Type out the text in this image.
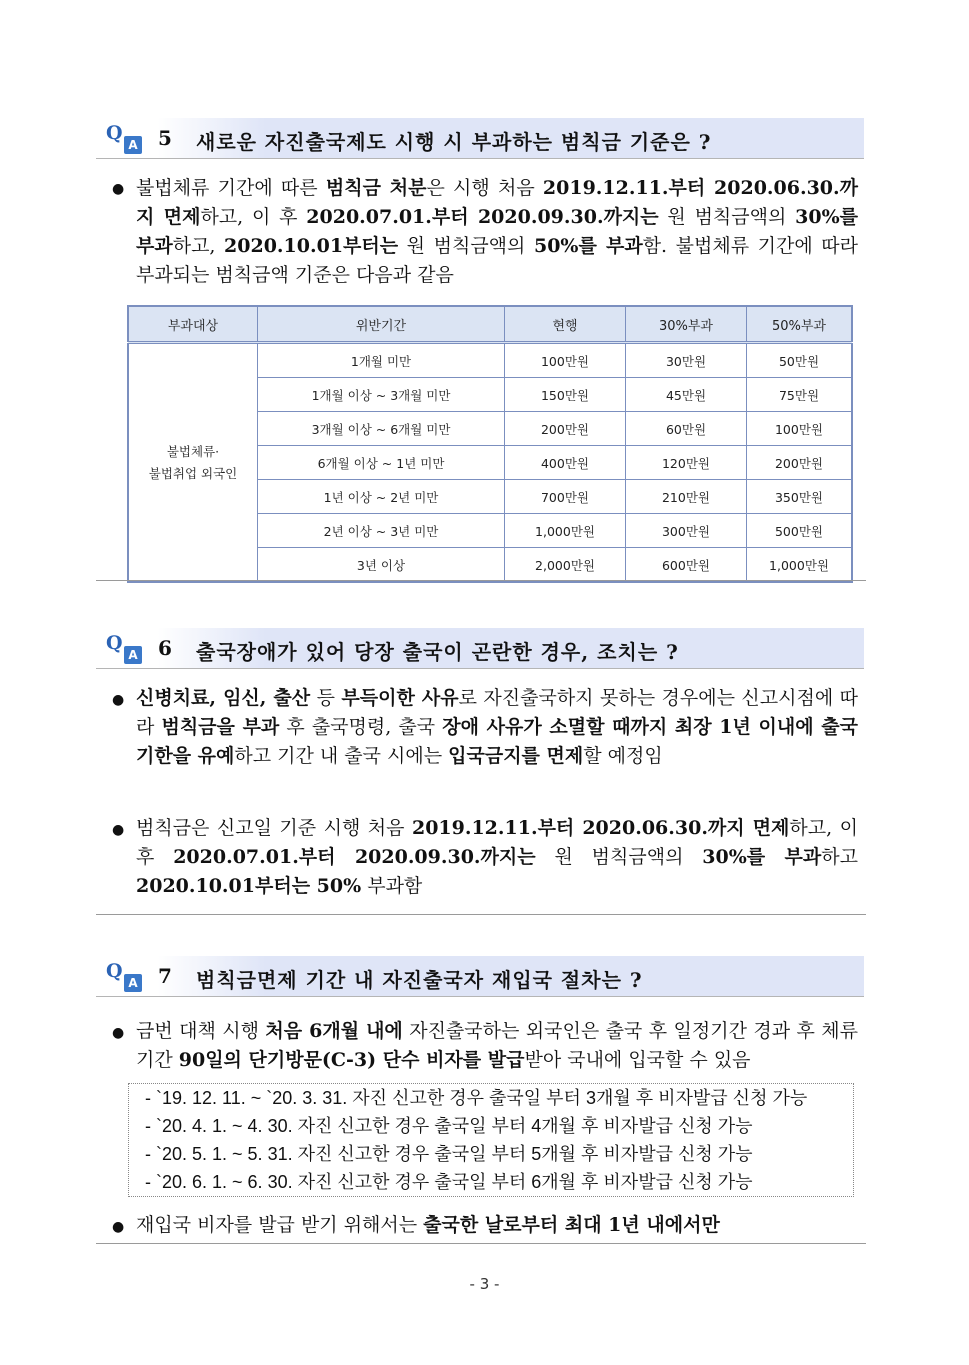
Q
A 5 새로운 자진출국제도 시행 시 부과하는 범칙금 기준은 ?
● 불법체류 기간에 따른 범칙금 처분은 시행 처음 2019.12.11.부터 2020.06.30.까지 면제하고, 이 후 2020.07.01.부터 2020.09.30.까지는 원 범칙금액의 30%를 부과하고, 2020.10.01부터는 원 범칙금액의 50%를 부과함. 불법체류 기간에 따라 부과되는 범칙금액 기준은 다음과 같음
부과대상	위반기간	현행	30%부과	50%부과
불법체류·
불법취업 외국인	1개월 미만	100만원	30만원	50만원
	1개월 이상 ~ 3개월 미만	150만원	45만원	75만원
	3개월 이상 ~ 6개월 미만	200만원	60만원	100만원
	6개월 이상 ~ 1년 미만	400만원	120만원	200만원
	1년 이상 ~ 2년 미만	700만원	210만원	350만원
	2년 이상 ~ 3년 미만	1,000만원	300만원	500만원
	3년 이상	2,000만원	600만원	1,000만원
Q
A 6 출국장애가 있어 당장 출국이 곤란한 경우, 조치는 ?
● 신병치료, 임신, 출산 등 부득이한 사유로 자진출국하지 못하는 경우에는 신고시점에 따라 범칙금을 부과 후 출국명령, 출국 장애 사유가 소멸할 때까지 최장 1년 이내에 출국기한을 유예하고 기간 내 출국 시에는 입국금지를 면제할 예정임
● 범칙금은 신고일 기준 시행 처음 2019.12.11.부터 2020.06.30.까지 면제하고, 이 후 2020.07.01.부터 2020.09.30.까지는 원 범칙금액의 30%를 부과하고 2020.10.01부터는 50% 부과함
Q
A 7 범칙금면제 기간 내 자진출국자 재입국 절차는 ?
● 금번 대책 시행 처음 6개월 내에 자진출국하는 외국인은 출국 후 일정기간 경과 후 체류기간 90일의 단기방문(C-3) 단수 비자를 발급받아 국내에 입국할 수 있음
- `19. 12. 11. ~ `20. 3. 31. 자진 신고한 경우 출국일 부터 3개월 후 비자발급 신청 가능
- `20. 4. 1. ~ 4. 30. 자진 신고한 경우 출국일 부터 4개월 후 비자발급 신청 가능
- `20. 5. 1. ~ 5. 31. 자진 신고한 경우 출국일 부터 5개월 후 비자발급 신청 가능
- `20. 6. 1. ~ 6. 30. 자진 신고한 경우 출국일 부터 6개월 후 비자발급 신청 가능
● 재입국 비자를 발급 받기 위해서는 출국한 날로부터 최대 1년 내에서만
- 3 -
